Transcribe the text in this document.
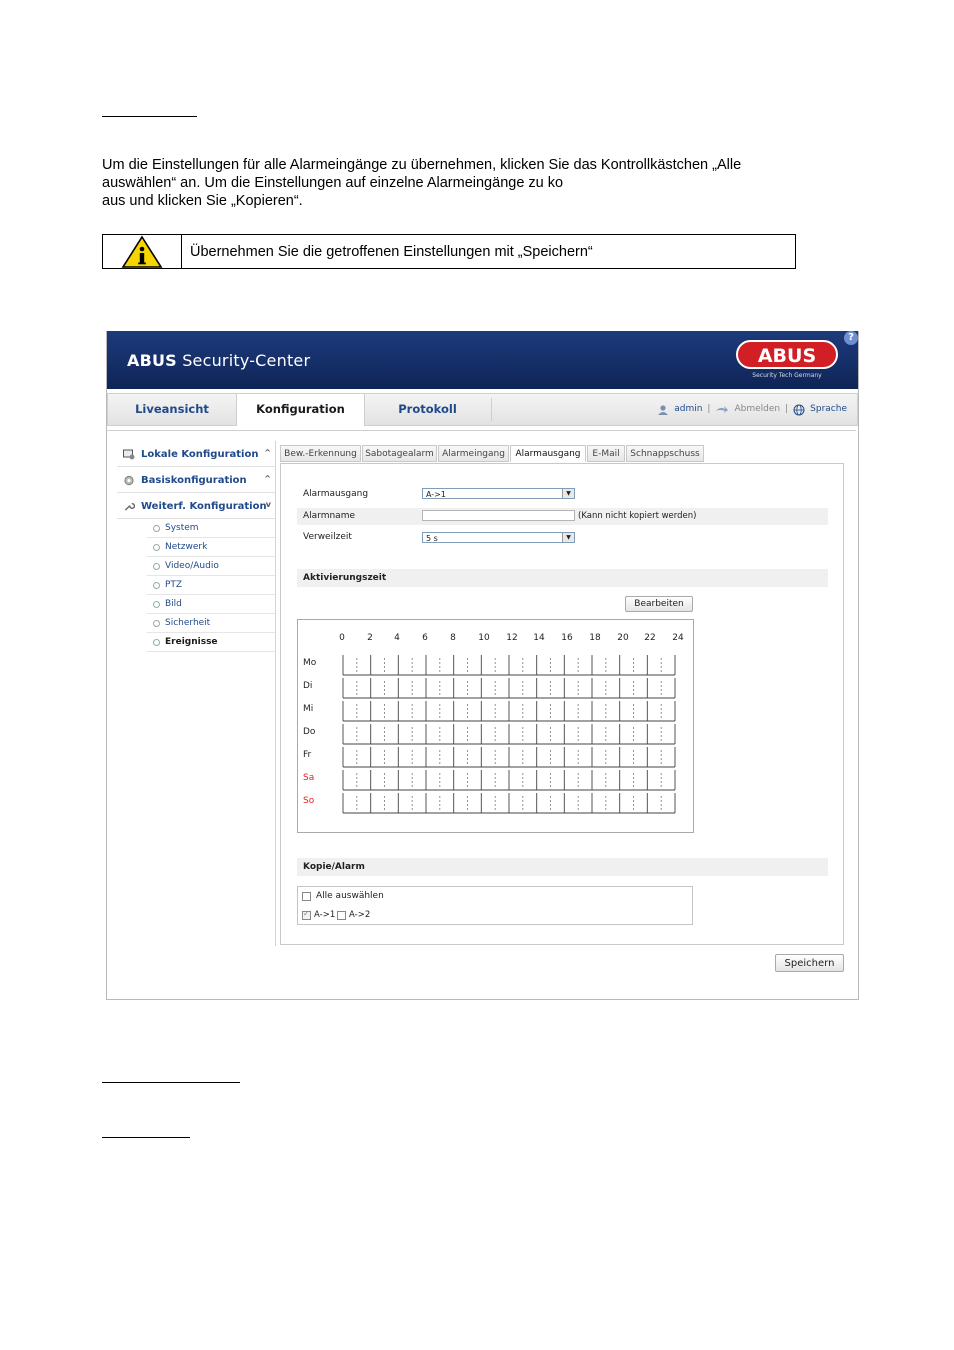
Um die Einstellungen für alle Alarmeingänge zu übernehmen, klicken Sie das Kontrollkästchen „Alle
auswählen“ an. Um die Einstellungen auf einzelne Alarmeingänge zu ko
aus und klicken Sie „Kopieren“.
Übernehmen Sie die getroffenen Einstellungen mit „Speichern“
ABUS Security-Center	ABUS
Security Tech Germany
?
Liveansicht	Konfiguration	Protokoll	admin |	Abmelden | Sprache
Lokale Konfiguration ^
Basiskonfiguration ^
Weiterf. Konfiguration v
System
Netzwerk
Video/Audio
PTZ
Bild
Sicherheit
Ereignisse
Bew.-Erkennung Sabotagealarm Alarmeingang	Alarmausgang	E-Mail	Schnappschuss
Alarmausgang	A->1	▼
Alarmname	(Kann nicht kopiert werden)
Verweilzeit	5 s	▼
Aktivierungszeit
Bearbeiten
0	2	4	6	8	10 12 14 16 18 20 22 24
Mo
Di
Mi
Do
Fr
Sa
So
Kopie/Alarm
Alle auswählen
✓
A->1 A->2
Speichern
